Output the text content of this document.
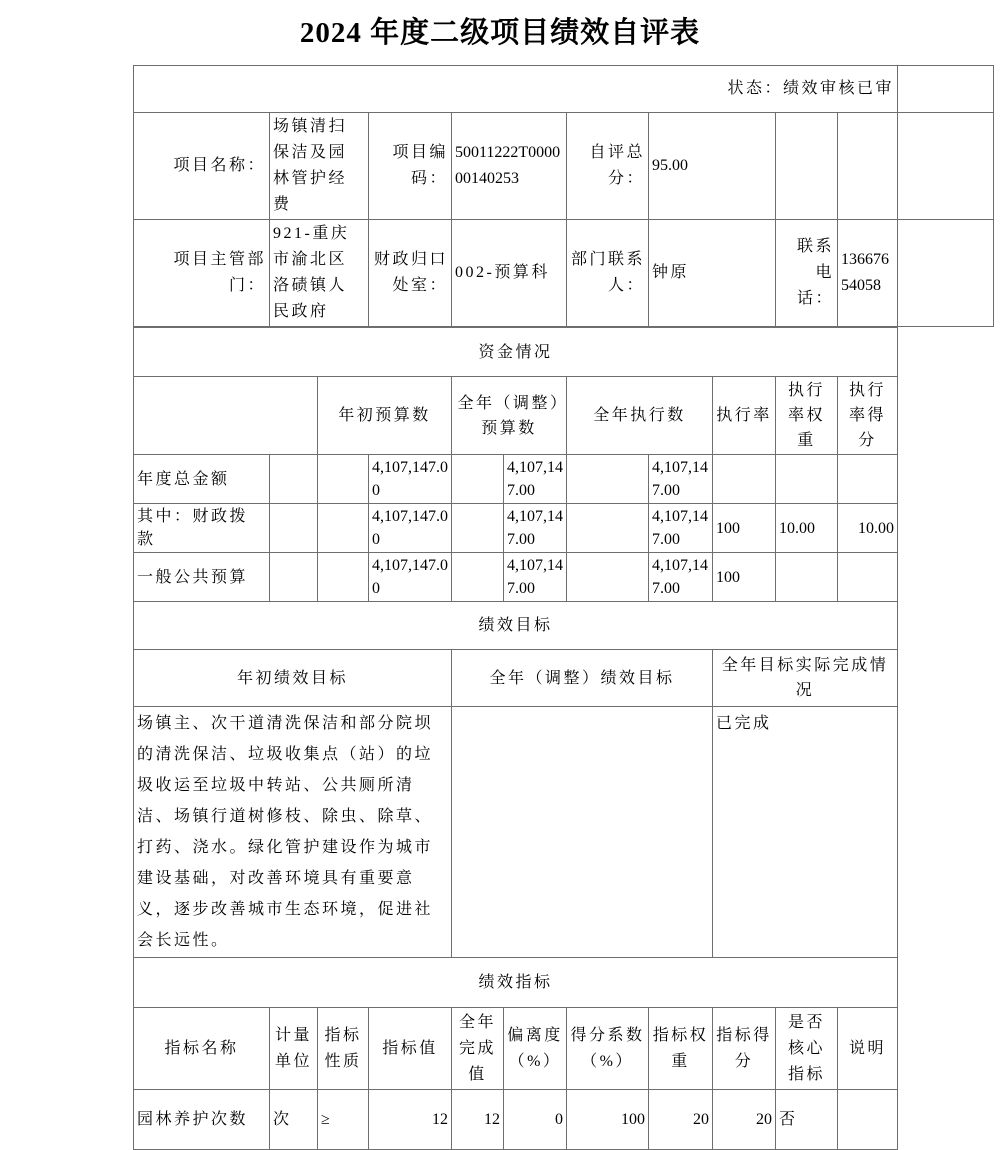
2024 年度二级项目绩效自评表
状态：绩效审核已审								
项目名称：	场镇清扫保洁及园林管护经费	项目编码：	50011222T000000140253	自评总分：	95.00			
项目主管部门：	921-重庆市渝北区洛碛镇人民政府	财政归口处室：	002-预算科	部门联系人：	钟原	联系电话：	13667654058	
资金情况										
		年初预算数		全年（调整）预算数		全年执行数		执行率	执行率权重	执行率得分
年度总金额			4,107,147.00		4,107,147.00		4,107,147.00			
其中：财政拨款			4,107,147.00		4,107,147.00		4,107,147.00	100	10.00	10.00
一般公共预算			4,107,147.00		4,107,147.00		4,107,147.00	100		
绩效目标										
年初绩效目标				全年（调整）绩效目标				全年目标实际完成情况		
场镇主、次干道清洗保洁和部分院坝的清洗保洁、垃圾收集点（站）的垃圾收运至垃圾中转站、公共厕所清洁、场镇行道树修枝、除虫、除草、打药、浇水。绿化管护建设作为城市建设基础，对改善环境具有重要意义，逐步改善城市生态环境，促进社会长远性。								已完成		
绩效指标										
指标名称	计量单位	指标性质	指标值	全年完成值	偏离度（%）	得分系数（%）	指标权重	指标得分	是否核心指标	说明
园林养护次数	次	≥	12	12	0	100	20	20	否	
